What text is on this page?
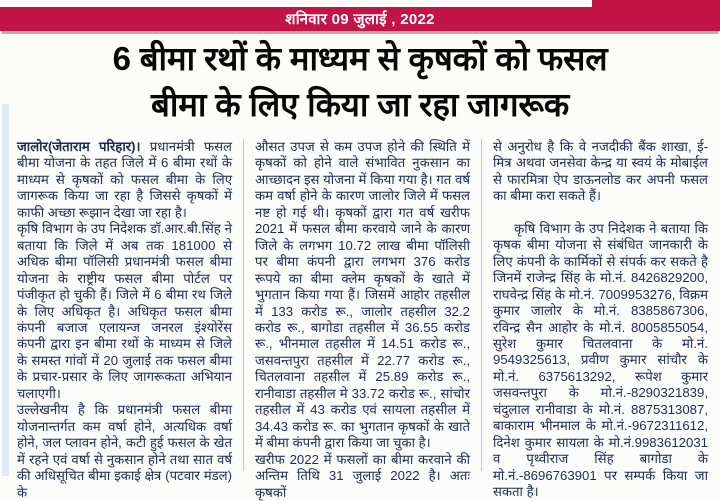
शनिवार 09 जुलाई , 2022
6 बीमा रथों के माध्यम से कृषकों को फसल
बीमा के लिए किया जा रहा जागरूक

जालोर(जेताराम परिहार)। प्रधानमंत्री फसल बीमा योजना के तहत जिले में 6 बीमा रथों के माध्यम से कृषकों को फसल बीमा के लिए जागरूक किया जा रहा है जिससे कृषकों में काफी अच्छा रूझान देखा जा रहा है।

कृषि विभाग के उप निदेशक डॉ.आर.बी.सिंह ने बताया कि जिले में अब तक 181000 से अधिक बीमा पॉलिसी प्रधानमंत्री फसल बीमा योजना के राष्ट्रीय फसल बीमा पोर्टल पर पंजीकृत हो चुकी हैं। जिले में 6 बीमा रथ जिले के लिए अधिकृत है। अधिकृत फसल बीमा कंपनी बजाज एलायन्ज जनरल इंश्योरेंस कंपनी द्वारा इन बीमा रथों के माध्यम से जिले के समस्त गांवों में 20 जुलाई तक फसल बीमा के प्रचार-प्रसार के लिए जागरूकता अभियान चलाएगी।

उल्लेखनीय है कि प्रधानमंत्री फसल बीमा योजनान्तर्गत कम वर्षा होने, अत्यधिक वर्षा होने, जल प्लावन होने, कटी हुई फसल के खेत में रहने एवं वर्षा से नुकसान होने तथा सात वर्ष की अधिसूचित बीमा इकाई क्षेत्र (पटवार मंडल) के

औसत उपज से कम उपज होने की स्थिति में कृषकों को होने वाले संभावित नुकसान का आच्छादन इस योजना में किया गया है। गत वर्ष कम वर्षा होने के कारण जालोर जिले में फसल नष्ट हो गई थी। कृषकों द्वारा गत वर्ष खरीफ 2021 में फसल बीमा करवाये जाने के कारण जिले के लगभग 10.72 लाख बीमा पॉलिसी पर बीमा कंपनी द्वारा लगभग 376 करोड रूपये का बीमा क्लेम कृषकों के खाते में भुगतान किया गया हैं। जिसमें आहोर तहसील में 133 करोड रू., जालोर तहसील 32.2 करोड रू., बागोडा तहसील में 36.55 करोड रू., भीनमाल तहसील में 14.51 करोड रू., जसवन्तपुरा तहसील में 22.77 करोड रू., चितलवाना तहसील में 25.89 करोड रू., रानीवाडा तहसील मे 33.72 करोड रू., सांचोर तहसील में 43 करोड एवं सायला तहसील में 34.43 करोड रू. का भुगतान कृषकों के खाते में बीमा कंपनी द्वारा किया जा चुका है।

खरीफ 2022 में फसलों का बीमा करवाने की अन्तिम तिथि 31 जुलाई 2022 है। अतः कृषकों

से अनुरोध है कि वे नजदीकी बैंक शाखा, ई-मित्र अथवा जनसेवा केन्द्र या स्वयं के मोबाईल से फारमित्रा ऐप डाऊनलोड कर अपनी फसल का बीमा करा सकते हैं।

कृषि विभाग के उप निदेशक ने बताया कि कृषक बीमा योजना से संबंधित जानकारी के लिए कंपनी के कार्मिकों से संपर्क कर सकते है जिनमें राजेन्द्र सिंह के मो.नं. 8426829200, राघवेन्द्र सिंह के मो.नं. 7009953276, विक्रम कुमार जालोर के मो.नं. 8385867306, रविन्द्र सैन आहोर के मो.नं. 8005855054, सुरेश कुमार चितलवाना के मो.नं. 9549325613, प्रवीण कुमार सांचौर के मो.नं. 6375613292, रूपेश कुमार जसवन्तपुरा के मो.नं.-8290321839, चंदुलाल रानीवाडा के मो.नं. 8875313087, बाकाराम भीनमाल के मो.नं.-9672311612, दिनेश कुमार सायला के मो.नं.9983612031 व पृथ्वीराज सिंह बागोडा के मो.नं.-8696763901 पर सम्पर्क किया जा सकता है।
